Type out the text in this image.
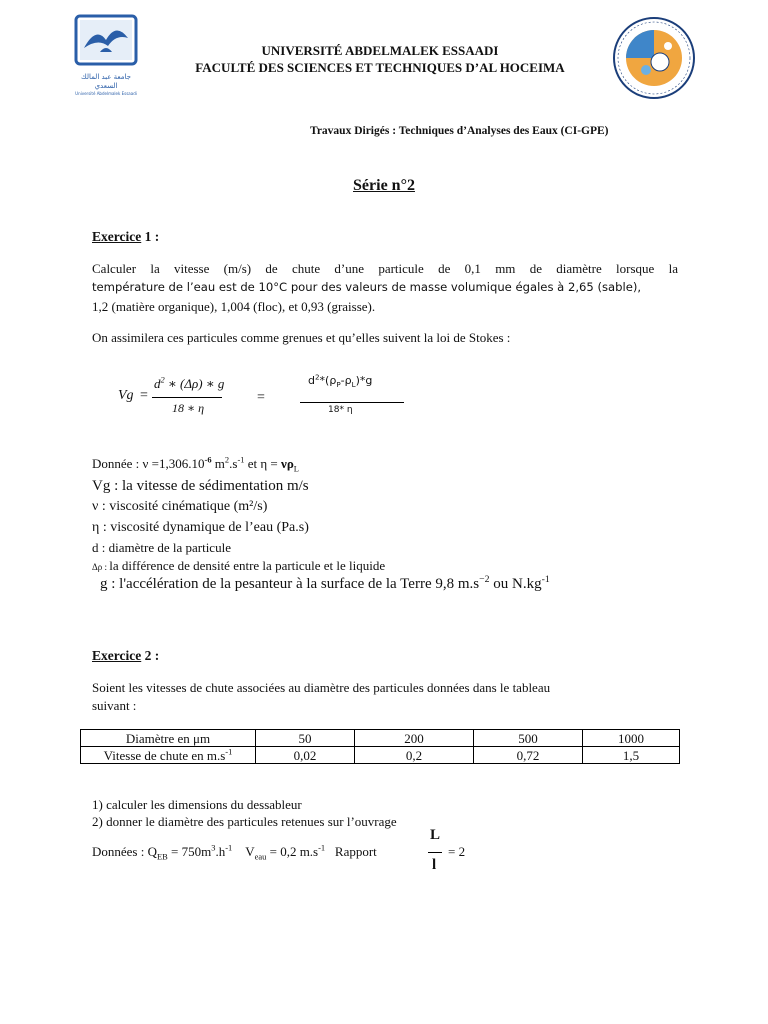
جامعة عبد المالك السعدي
Université Abdelmalek Essaadi
UNIVERSITÉ ABDELMALEK ESSAADI
FACULTÉ DES SCIENCES ET TECHNIQUES D’AL HOCEIMA
Travaux Dirigés : Techniques d’Analyses des Eaux (CI-GPE)
Série n°2
Exercice 1 :
Calculer la vitesse (m/s) de chute d’une particule de 0,1 mm de diamètre lorsque la
température de l’eau est de 10°C pour des valeurs de masse volumique égales à 2,65 (sable),
1,2 (matière organique), 1,004 (floc), et 0,93 (graisse).
On assimilera ces particules comme grenues et qu’elles suivent la loi de Stokes :
Vg =
$d^2$ ∗ (Δρ) ∗ g
18 ∗ η
=
$d^2*(\rho_P-\rho_L)*g$
18* η
Donnée : $\nu =1,306.10^{-6}$ $m^2.s^{-1}$ et $\eta = \nu\rho_L$
Vg : la vitesse de sédimentation m/s
ν : viscosité cinématique (m²/s)
η : viscosité dynamique de l’eau (Pa.s)
d : diamètre de la particule
Δρ : la différence de densité entre la particule et le liquide
g : l'accélération de la pesanteur à la surface de la Terre 9,8 $m.s^{-2}$ ou $N.kg^{-1}$
Exercice 2 :
Soient les vitesses de chute associées au diamètre des particules données dans le tableau
suivant :
Diamètre en μm	50	200	500	1000
Vitesse de chute en $m.s^{-1}$	0,02	0,2	0,72	1,5
1) calculer les dimensions du dessableur
2) donner le diamètre des particules retenues sur l’ouvrage
Données : $Q_{EB} = 750m^3.h^{-1}$ $V_{eau} = 0,2$ $m.s^{-1}$ Rapport
L
l
= 2
